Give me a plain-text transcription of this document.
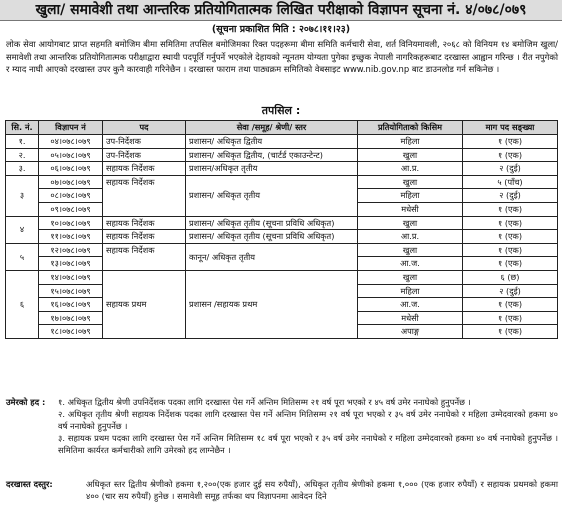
खुला/ समावेशी तथा आन्तरिक प्रतियोगितात्मक लिखित परीक्षाको विज्ञापन सूचना नं. ४/०७८/०७९
(सूचना प्रकाशित मिति : २०७८।११।२३)
लोक सेवा आयोगबाट प्राप्त सहमति बमोजिम बीमा समितिमा तपसिल बमोजिमका रिक्त पदहरूमा बीमा समिति कर्मचारी सेवा, शर्त विनियमावली, २०६८ को विनियम १४ बमोजिम खुला/समावेशी तथा आन्तरिक प्रतियोगितात्मक परीक्षाद्वारा स्थायी पदपूर्ति गर्नुपर्ने भएकोले देहायको न्यूनतम योग्यता पुगेका इच्छुक नेपाली नागरिकहरूबाट दरखास्त आह्वान गरिन्छ । रीत नपुगेको र म्याद नाघी आएको दरखास्त उपर कुनै कारवाही गरिनेछैन । दरखास्त फाराम तथा पाठ्यक्रम समितिको वेबसाइट www.nib.gov.np बाट डाउनलोड गर्न सकिनेछ ।
तपसिल :
सि. नं.	विज्ञापन नं	पद	सेवा /समूह/ श्रेणी/ स्तर	प्रतियोगिताको किसिम	माग पद सङ्ख्या
१.	०४।०७८।०७९	उप-निर्देशक	प्रशासन/ अधिकृत द्वितीय	महिला	१ (एक)
२.	०५।०७८।०७९	उप-निर्देशक	प्रशासन/ अधिकृत द्वितीय, (चार्टर्ड एकाउन्टेन्ट)	खुला	१ (एक)
३.	०६।०७८।०७९	सहायक निर्देशक	प्रशासन/अधिकृत तृतीय	आ.प्र.	२ (दुई)
३	०७।०७८।०७९	सहायक निर्देशक	प्रशासन/ अधिकृत तृतीय	खुला	५ (पाँच)
	०८।०७८।०७९			महिला	२ (दुई)
	०९।०७८।०७९			मधेसी	१ (एक)
४	१०।०७८।०७९	सहायक निर्देशक	प्रशासन/ अधिकृत तृतीय (सूचना प्रविधि अधिकृत)	खुला	१ (एक)
	११।०७८।०७९	सहायक निर्देशक	प्रशासन/ अधिकृत तृतीय (सूचना प्रविधि अधिकृत)	आ.प्र.	१ (एक)
५	१२।०७८।०७९	सहायक निर्देशक	कानून/ अधिकृत तृतीय	खुला	१ (एक)
	१३।०७८।०७९			आ.ज.	१ (एक)
६	१४।०७८।०७९	सहायक प्रथम	प्रशासन /सहायक प्रथम	खुला	६ (छ)
	१५।०७८।०७९			महिला	२ (दुई)
	१६।०७८।०७९			आ.ज.	१ (एक)
	१७।०७८।०७९			मधेसी	१ (एक)
	१८।०७८।०७९			अपाङ्ग	१ (एक)
उमेरको हद :	१. अधिकृत द्वितीय श्रेणी उपनिर्देशक पदका लागि दरखास्त पेस गर्ने अन्तिम मितिसम्म २१ वर्ष पूरा भएको र ४५ वर्ष उमेर ननाघेको हुनुपर्नेछ ।
२. अधिकृत तृतीय श्रेणी सहायक निर्देशक पदका लागि दरखास्त पेस गर्ने अन्तिम मितिसम्म २१ वर्ष पूरा भएको र ३५ वर्ष उमेर ननाघेको र महिला उम्मेदवारको हकमा ४० वर्ष ननाघेको हुनुपर्नेछ ।
३. सहायक प्रथम पदका लागि दरखास्त पेस गर्ने अन्तिम मितिसम्म १८ वर्ष पूरा भएको र ३५ वर्ष उमेर ननाघेको र महिला उम्मेदवारको हकमा ४० वर्ष ननाघेको हुनुपर्नेछ । समितिमा कार्यरत कर्मचारीको लागि उमेरको हद लाग्नेछैन ।
दरखास्त दस्तुर:	अधिकृत स्तर द्वितीय श्रेणीको हकमा १,२००(एक हजार दुई सय रुपैयाँ), अधिकृत तृतीय श्रेणीको हकमा १,००० (एक हजार रुपैयाँ) र सहायक प्रथमको हकमा ४०० (चार सय रुपैयाँ) हुनेछ । समावेशी समूह तर्फका थप विज्ञापनमा आवेदन दिने
